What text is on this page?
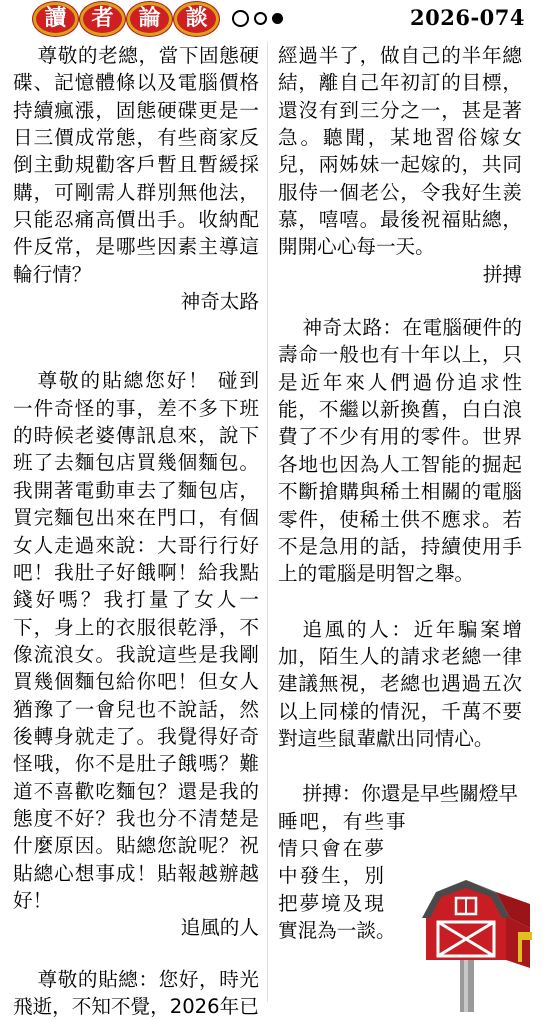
讀	者	論	談	2026-074

尊敬的老總，當下固態硬碟、記憶體條以及電腦價格持續瘋漲，固態硬碟更是一日三價成常態，有些商家反倒主動規勸客戶暫且暫緩採購，可剛需人群別無他法，只能忍痛高價出手。收納配件反常，是哪些因素主導這輪行情？

神奇太路

尊敬的貼總您好！ 碰到一件奇怪的事，差不多下班的時候老婆傳訊息來，說下班了去麵包店買幾個麵包。我開著電動車去了麵包店，買完麵包出來在門口，有個女人走過來說：大哥行行好吧！我肚子好餓啊！給我點錢好嗎？我打量了女人一下，身上的衣服很乾淨，不像流浪女。我說這些是我剛買幾個麵包給你吧！但女人猶豫了一會兒也不說話，然後轉身就走了。我覺得好奇怪哦，你不是肚子餓嗎？難道不喜歡吃麵包？還是我的態度不好？我也分不清楚是什麼原因。貼總您說呢？祝貼總心想事成！貼報越辦越好！

追風的人

尊敬的貼總：您好，時光飛逝，不知不覺，2026年已

經過半了，做自己的半年總結，離自己年初訂的目標，還沒有到三分之一，甚是著急。聽聞，某地習俗嫁女兒，兩姊妹一起嫁的，共同服侍一個老公，令我好生羨慕，嘻嘻。最後祝福貼總，開開心心每一天。

拼搏

神奇太路：在電腦硬件的壽命一般也有十年以上，只是近年來人們過份追求性能，不繼以新換舊，白白浪費了不少有用的零件。世界各地也因為人工智能的掘起不斷搶購與稀土相關的電腦零件，使稀土供不應求。若不是急用的話，持續使用手上的電腦是明智之舉。

追風的人：近年騙案增加，陌生人的請求老總一律建議無視，老總也遇過五次以上同樣的情況，千萬不要對這些鼠輩獻出同情心。

拼搏：你還是早些關燈早
睡吧，有些事
情只會在夢
中發生，別
把夢境及現
實混為一談。
